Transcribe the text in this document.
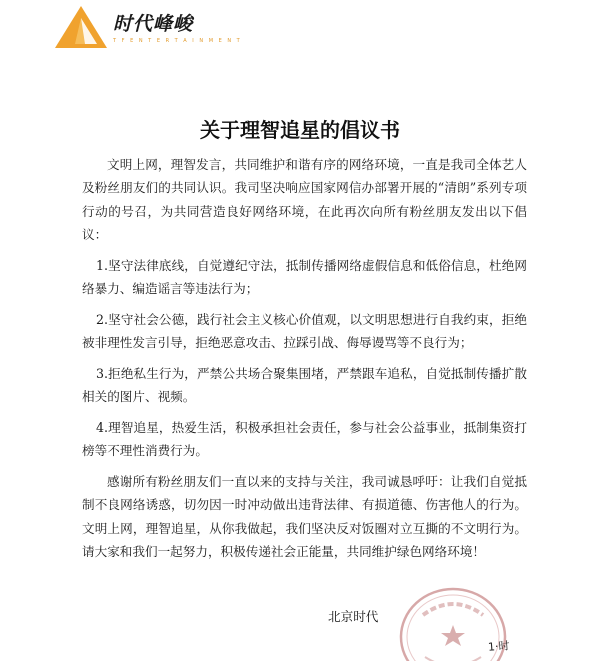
时代峰峻
T F E N T E R T A I N M E N T
关于理智追星的倡议书

文明上网，理智发言，共同维护和谐有序的网络环境，一直是我司全体艺人及粉丝朋友们的共同认识。我司坚决响应国家网信办部署开展的“清朗”系列专项行动的号召，为共同营造良好网络环境，在此再次向所有粉丝朋友发出以下倡议：

1.坚守法律底线，自觉遵纪守法，抵制传播网络虚假信息和低俗信息，杜绝网络暴力、编造谣言等违法行为；

2.坚守社会公德，践行社会主义核心价值观，以文明思想进行自我约束，拒绝被非理性发言引导，拒绝恶意攻击、拉踩引战、侮辱谩骂等不良行为；

3.拒绝私生行为，严禁公共场合聚集围堵，严禁跟车追私，自觉抵制传播扩散相关的图片、视频。

4.理智追星，热爱生活，积极承担社会责任，参与社会公益事业，抵制集资打榜等不理性消费行为。

感谢所有粉丝朋友们一直以来的支持与关注，我司诚恳呼吁：让我们自觉抵制不良网络诱惑，切勿因一时冲动做出违背法律、有损道德、伤害他人的行为。文明上网，理智追星，从你我做起，我们坚决反对饭圈对立互撕的不文明行为。请大家和我们一起努力，积极传递社会正能量，共同维护绿色网络环境！

北京时代
1·时
